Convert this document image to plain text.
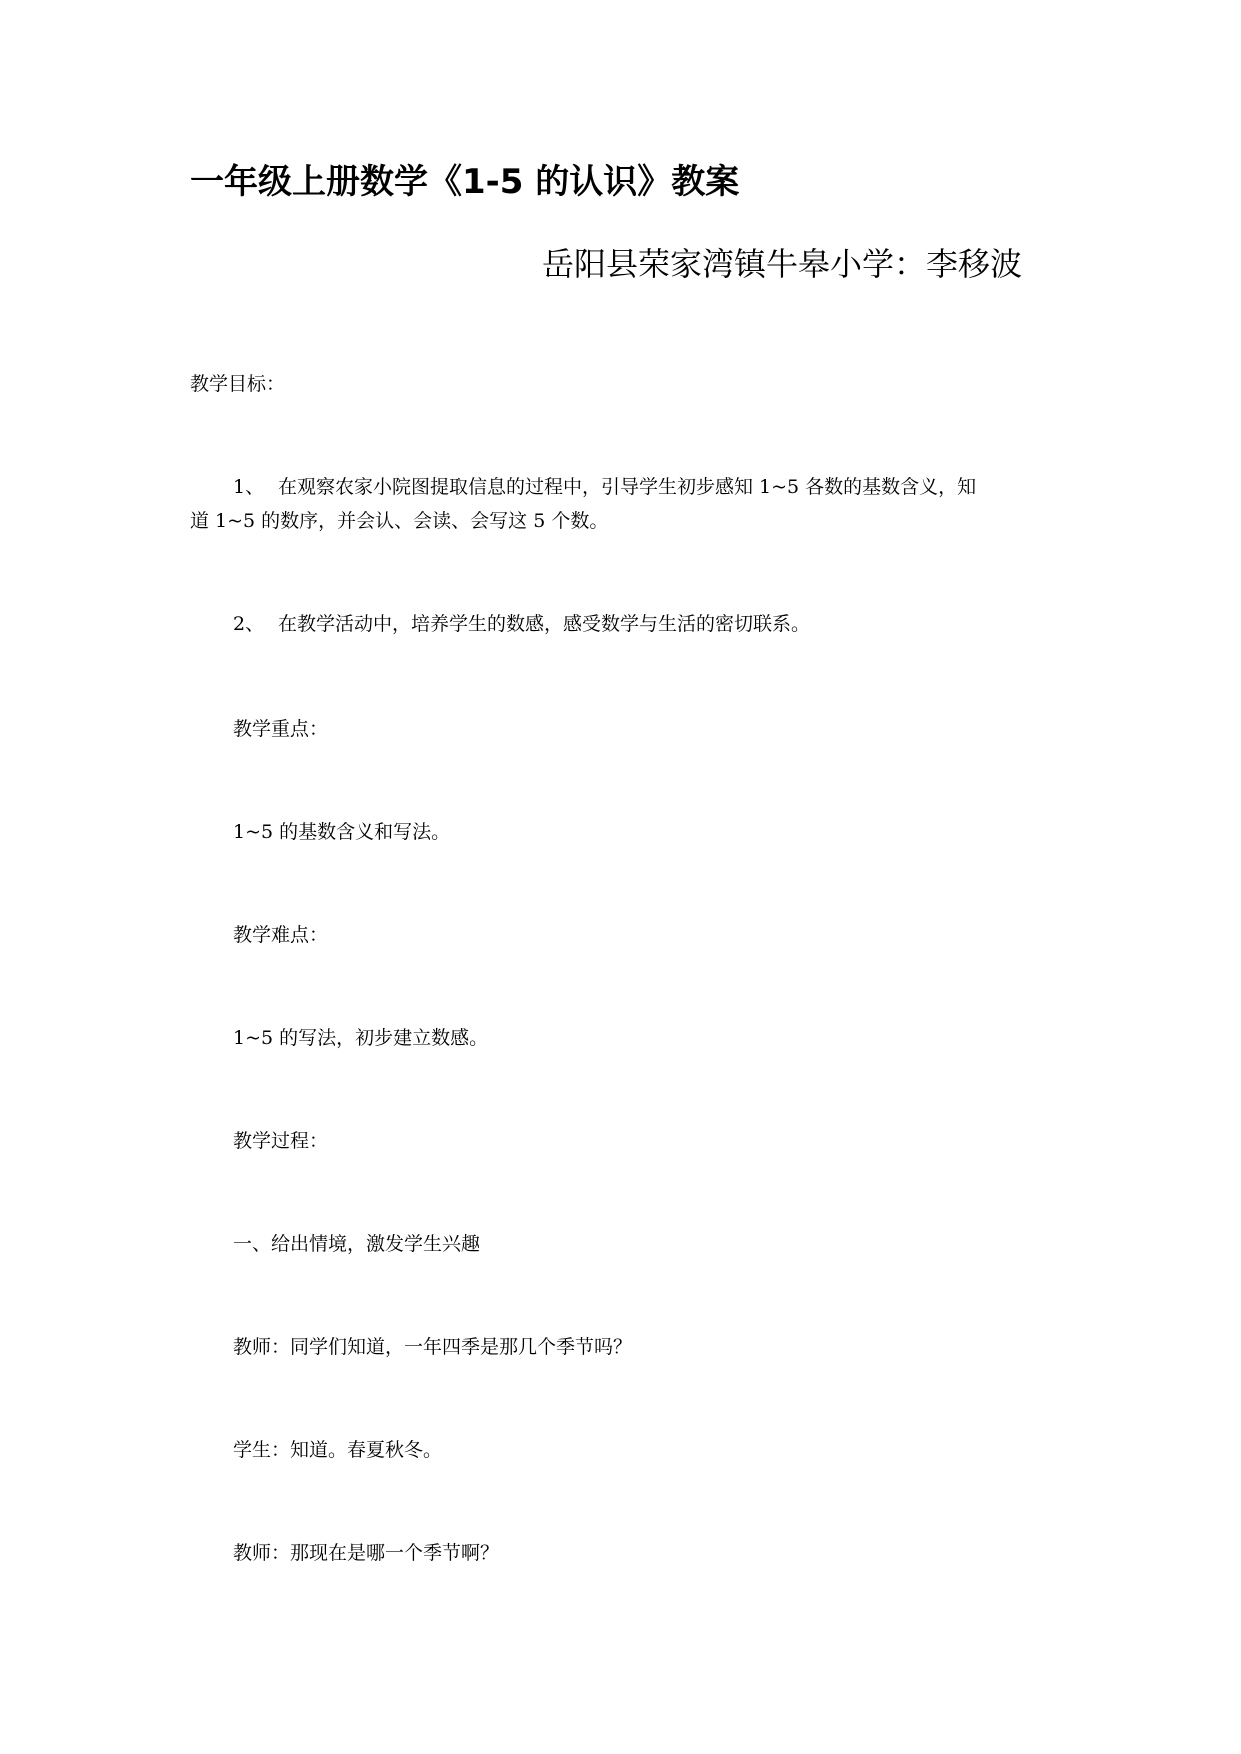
一年级上册数学《1-5 的认识》教案
岳阳县荣家湾镇牛皋小学：李移波
教学目标：
1、 在观察农家小院图提取信息的过程中，引导学生初步感知 1~5 各数的基数含义，知
道 1~5 的数序，并会认、会读、会写这 5 个数。
2、 在教学活动中，培养学生的数感，感受数学与生活的密切联系。
教学重点：
1~5 的基数含义和写法。
教学难点：
1~5 的写法，初步建立数感。
教学过程：
一、给出情境，激发学生兴趣
教师：同学们知道，一年四季是那几个季节吗？
学生：知道。春夏秋冬。
教师：那现在是哪一个季节啊？
